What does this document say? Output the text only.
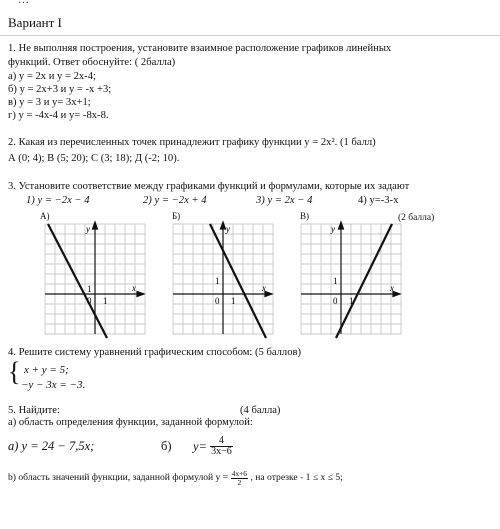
…
Вариант I
1. Не выполняя построения, установите взаимное расположение графиков линейных
функций. Ответ обоснуйте: ( 2балла)
а) y = 2x и y = 2x-4;
б) y = 2x+3 и y = -x +3;
в) y = 3 и y= 3x+1;
г) y = -4x-4 и y= -8x-8.
2. Какая из перечисленных точек принадлежит графику функции y = 2x². (1 балл)
А (0; 4); В (5; 20); С (3; 18); Д (-2; 10).
3. Установите соответствие между графиками функций и формулами, которые их задают
1) y = −2x − 4	2) y = −2x + 4	3) y = 2x − 4	4) y=-3-x
А)	Б)	В)	(2 балла)
y
1
0 1
x
y
1
0 1
x
y
1
0 1
x
4. Решите систему уравнений графическим способом: (5 баллов)
{ x + y = 5;
−y − 3x = −3.
5. Найдите:	(4 балла)
а) область определения функции, заданной формулой:
а) y = 24 − 7,5x;	б) $y= \frac{4}{3x-6}$
b) область значений функции, заданной формулой $y = \frac{4x+6}{2}$ , на отрезке - 1 ≤ x ≤ 5;
